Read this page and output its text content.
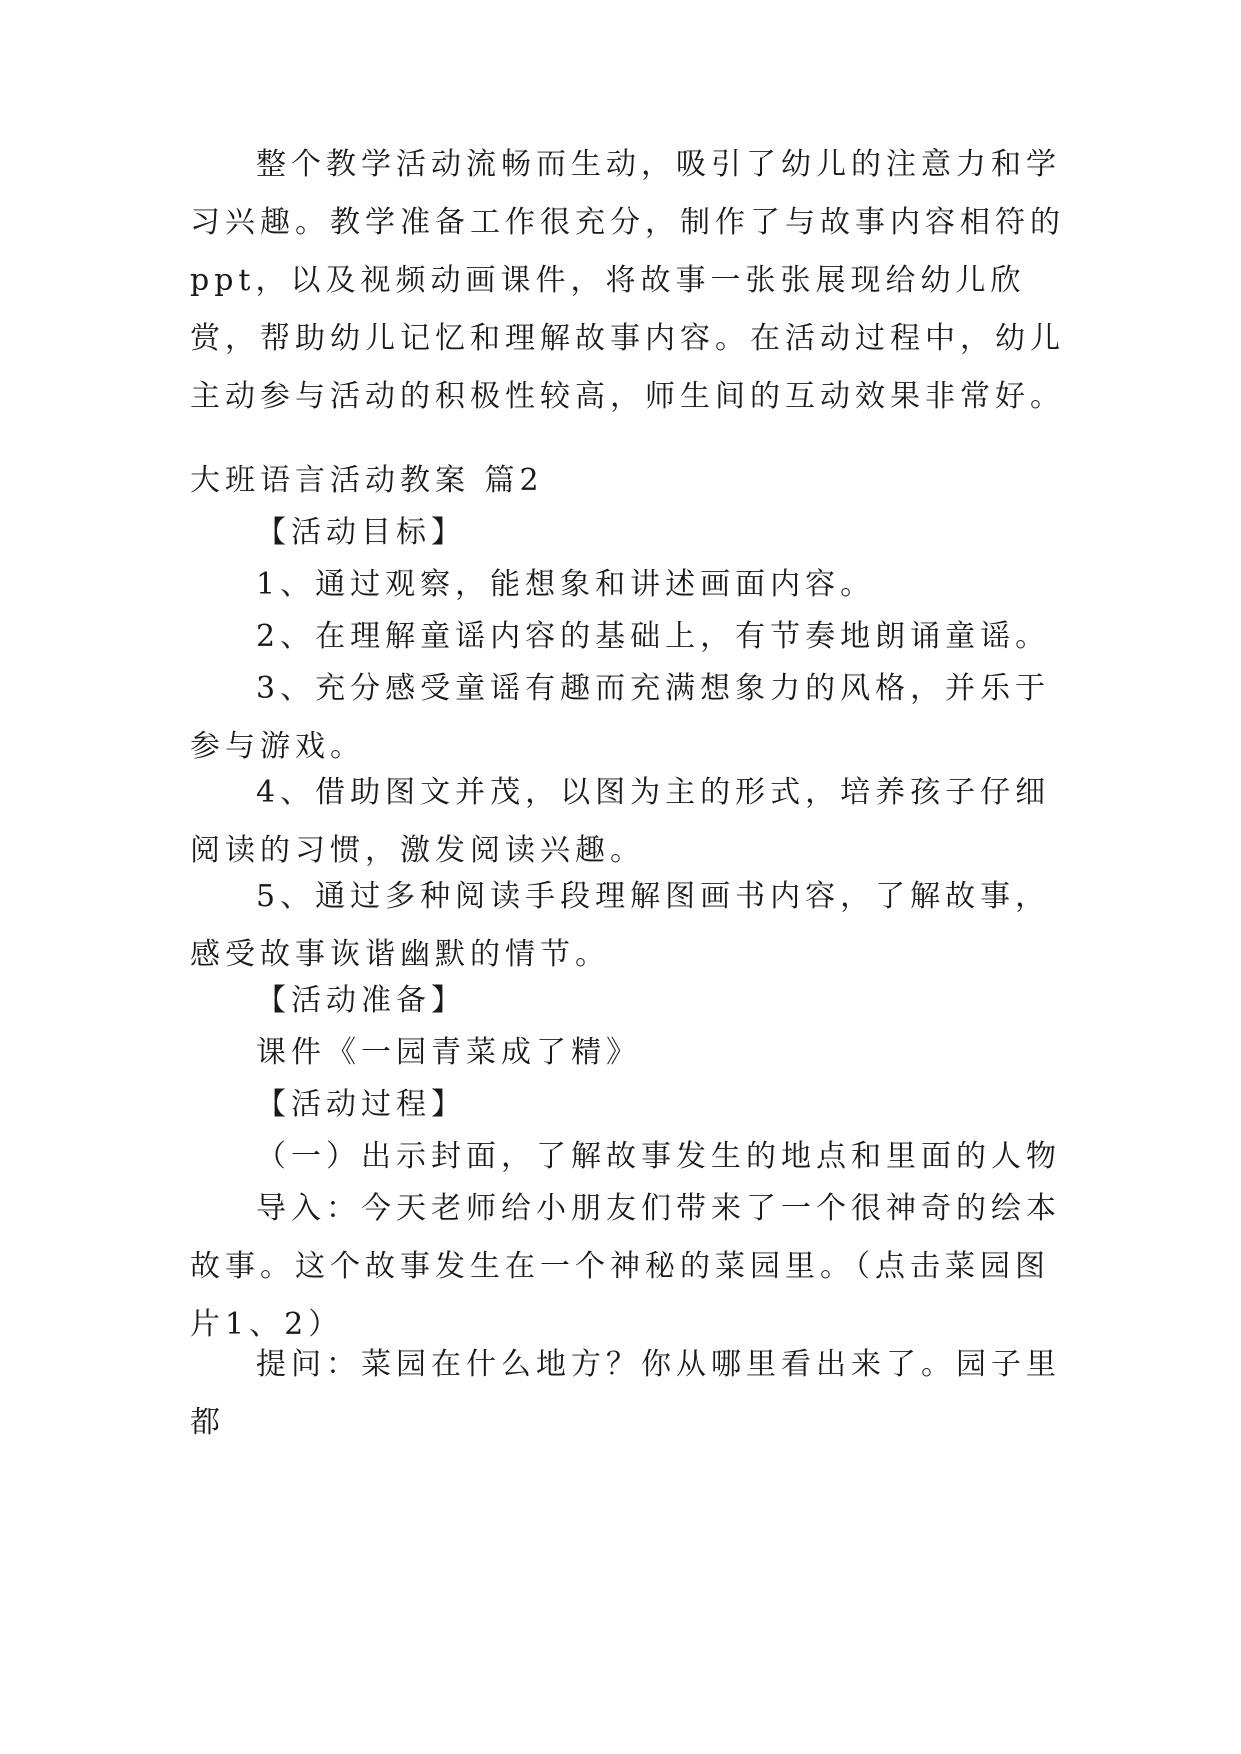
整个教学活动流畅而生动，吸引了幼儿的注意力和学习兴趣。教学准备工作很充分，制作了与故事内容相符的ppt，以及视频动画课件，将故事一张张展现给幼儿欣赏，帮助幼儿记忆和理解故事内容。在活动过程中，幼儿主动参与活动的积极性较高，师生间的互动效果非常好。

大班语言活动教案 篇2

【活动目标】

1、通过观察，能想象和讲述画面内容。

2、在理解童谣内容的基础上，有节奏地朗诵童谣。

3、充分感受童谣有趣而充满想象力的风格，并乐于参与游戏。

4、借助图文并茂，以图为主的形式，培养孩子仔细阅读的习惯，激发阅读兴趣。

5、通过多种阅读手段理解图画书内容，了解故事，感受故事诙谐幽默的情节。

【活动准备】

课件《一园青菜成了精》

【活动过程】

（一）出示封面，了解故事发生的地点和里面的人物

导入：今天老师给小朋友们带来了一个很神奇的绘本故事。这个故事发生在一个神秘的菜园里。（点击菜园图片1、2）

提问：菜园在什么地方？你从哪里看出来了。园子里都
